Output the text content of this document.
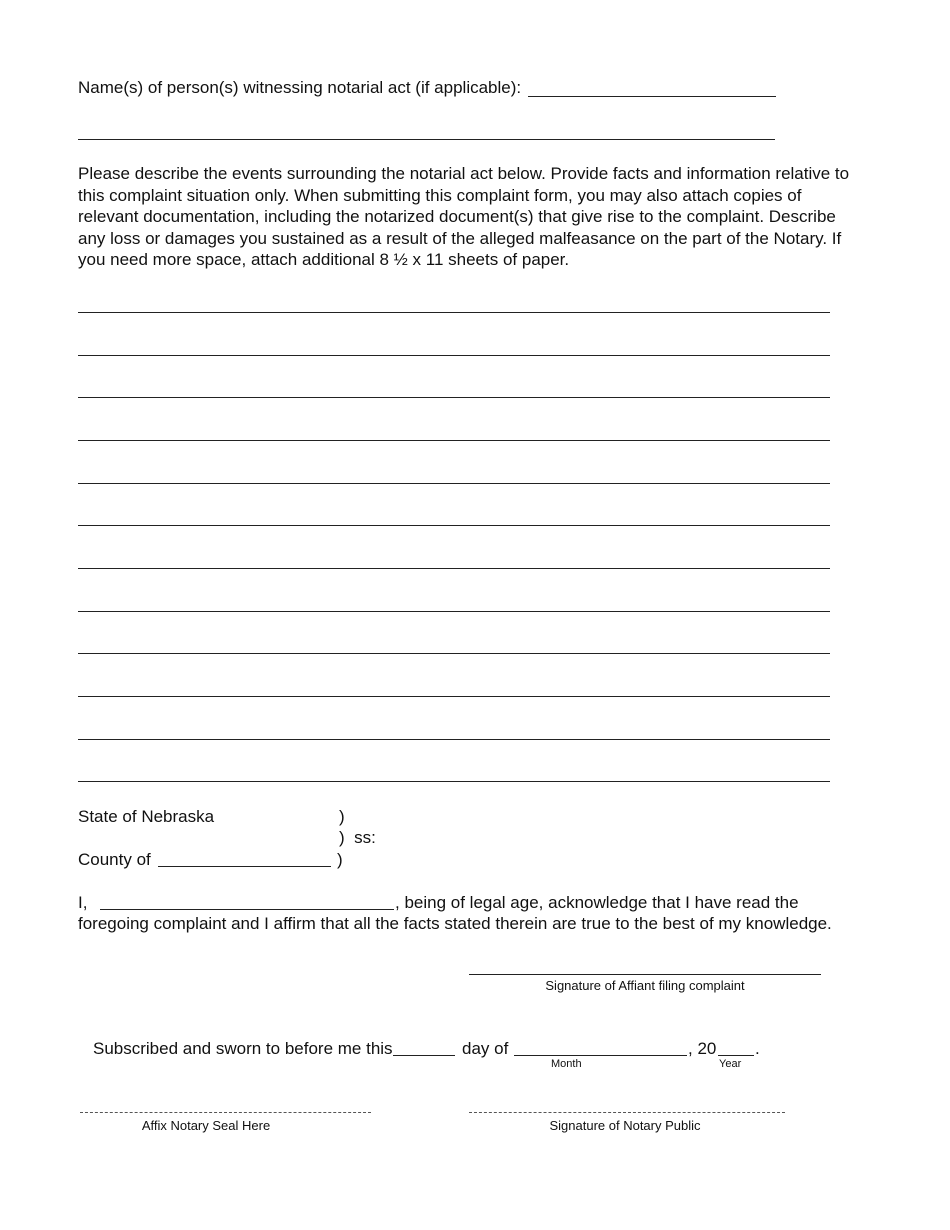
Name(s) of person(s) witnessing notarial act (if applicable):
Please describe the events surrounding the notarial act below. Provide facts and information relative to this complaint situation only. When submitting this complaint form, you may also attach copies of relevant documentation, including the notarized document(s) that give rise to the complaint. Describe any loss or damages you sustained as a result of the alleged malfeasance on the part of the Notary. If you need more space, attach additional 8 ½ x 11 sheets of paper.
State of Nebraska	)
)  ss:
County of	)
I,	, being of legal age, acknowledge that I have read the
foregoing complaint and I affirm that all the facts stated therein are true to the best of my knowledge.
Signature of Affiant filing complaint
Subscribed and sworn to before me this	day of	, 20 .
Month	Year
Affix Notary Seal Here	Signature of Notary Public
